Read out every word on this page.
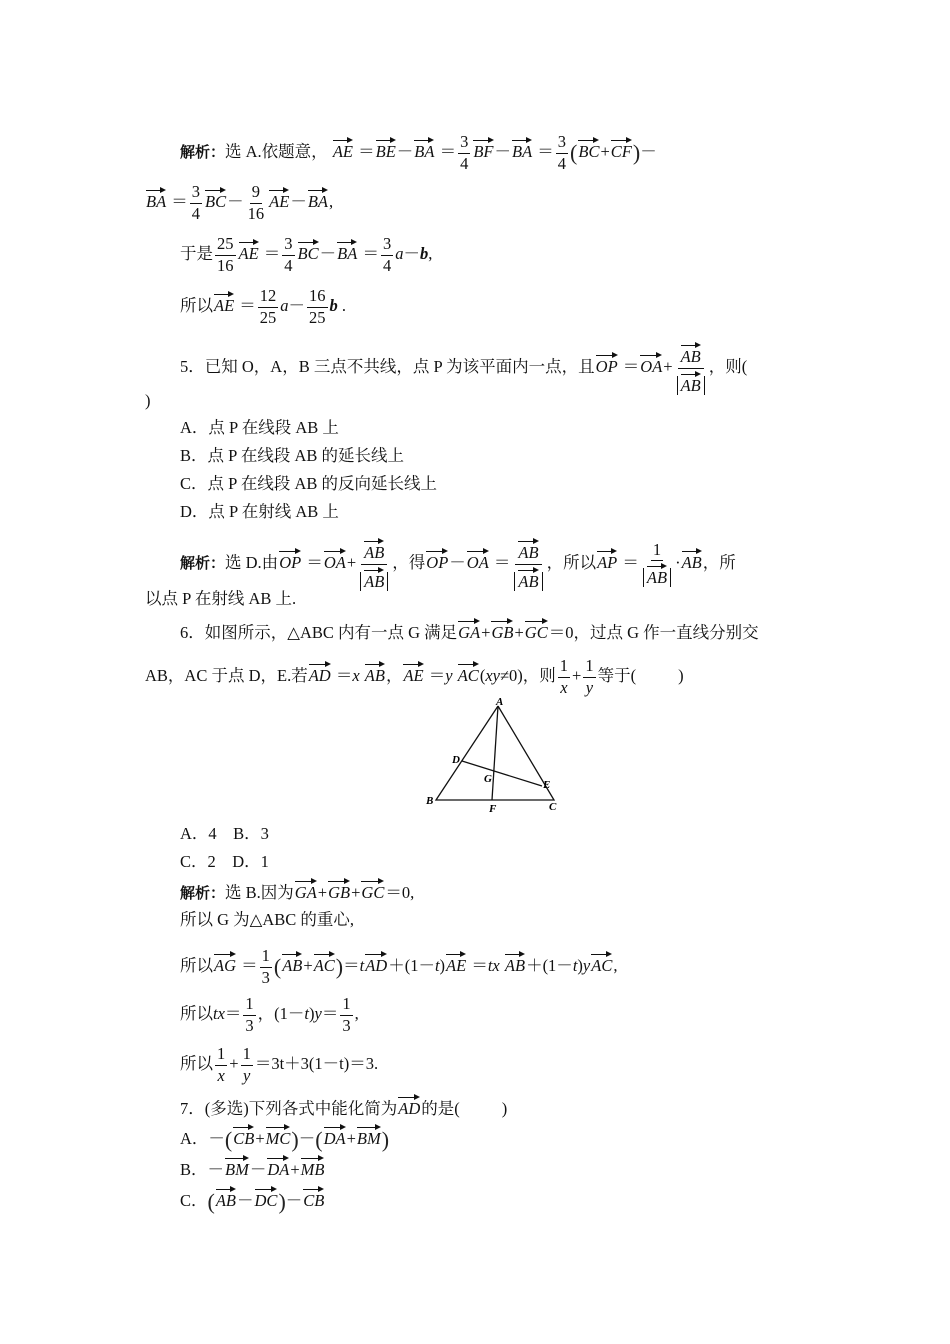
解析：选 A.依题意， AE $=BE-BA = \frac{3}{4} BF-BA = \frac{3}{4} (BC+CF)-$
BA ＝ $\frac{3}{4} BC- \frac{9}{16} AE-BA$,
于是 $\frac{25}{16}$ AE ＝ $\frac{3}{4} BC-BA = \frac{3}{4} a-b$,
所以AE ＝ $\frac{12}{25} a- \frac{16}{25}$ b .
5．已知 O，A，B 三点不共线，点 P 为该平面内一点，且OP $=OA+ \frac{AB}{AB}$ ，则(
)
A．点 P 在线段 AB 上
B．点 P 在线段 AB 的延长线上
C．点 P 在线段 AB 的反向延长线上
D．点 P 在射线 AB 上
解析：选 D.由OP $=OA+ \frac{AB}{AB}$ ，得$OP-OA = \frac{AB}{AB}$ ，所以AP ＝ $\frac{1}{AB} \cdot AB$，所
以点 P 在射线 AB 上.
6．如图所示，△ABC 内有一点 G 满足GA+GB+GC＝0，过点 G 作一直线分别交
AB，AC 于点 D，E.若AD ＝x AB，AE ＝y AC(xy≠0)，则 $\frac{1}{x} + \frac{1}{y}$ 等于(	)
A
B	C
D
E
F
G
A．4　B．3
C．2　D．1
解析：选 B.因为GA+GB+GC＝0,
所以 G 为△ABC 的重心,
所以AG ＝ $\frac{1}{3} (AB+AC)=tAD+(1-t)AE =tx$ AB＋(1－t)yAC,
所以$tx= \frac{1}{3}$ ，$(1-t)y= \frac{1}{3}$ ,
所以 $\frac{1}{x} + \frac{1}{y} =3t+3(1-t)=3$.
7．(多选)下列各式中能化简为AD的是(	)
A．－(CB+MC)－(DA+BM)
B．－BM－DA+MB
C．(AB－DC)－CB
